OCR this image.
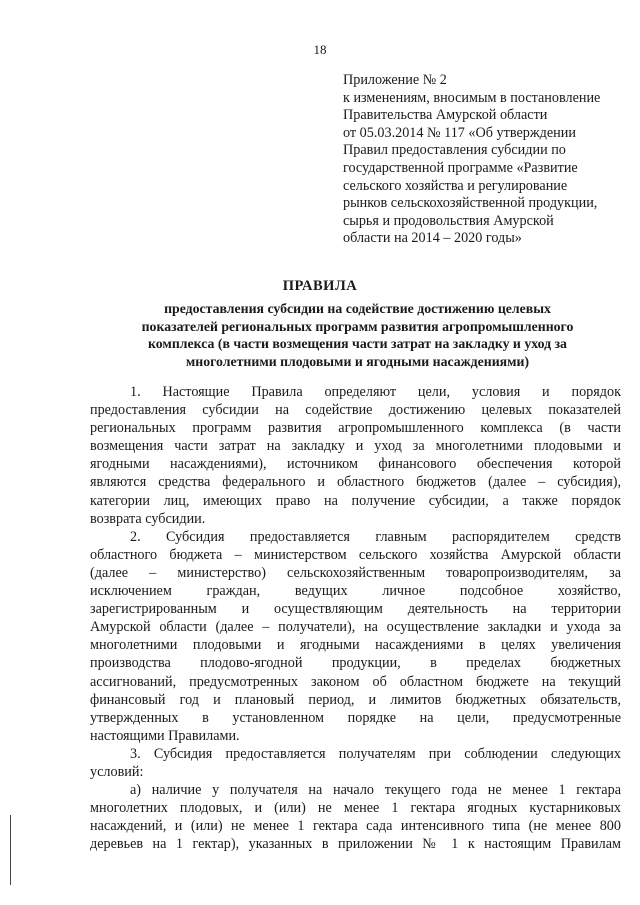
18
Приложение № 2
к изменениям, вносимым в постановление
Правительства Амурской области
от 05.03.2014 № 117 «Об утверждении
Правил предоставления субсидии по
государственной программе «Развитие
сельского хозяйства и регулирование
рынков сельскохозяйственной продукции,
сырья и продовольствия Амурской
области на 2014 – 2020 годы»
ПРАВИЛА
предоставления субсидии на содействие достижению целевых
показателей региональных программ развития агропромышленного
комплекса (в части возмещения части затрат на закладку и уход за
многолетними плодовыми и ягодными насаждениями)
1. Настоящие Правила определяют цели, условия и порядок
предоставления субсидии на содействие достижению целевых показателей
региональных программ развития агропромышленного комплекса (в части
возмещения части затрат на закладку и уход за многолетними плодовыми и
ягодными насаждениями), источником финансового обеспечения которой
являются средства федерального и областного бюджетов (далее – субсидия),
категории лиц, имеющих право на получение субсидии, а также порядок
возврата субсидии.
2. Субсидия предоставляется главным распорядителем средств
областного бюджета – министерством сельского хозяйства Амурской области
(далее – министерство) сельскохозяйственным товаропроизводителям, за
исключением граждан, ведущих личное подсобное хозяйство,
зарегистрированным и осуществляющим деятельность на территории
Амурской области (далее – получатели), на осуществление закладки и ухода за
многолетними плодовыми и ягодными насаждениями в целях увеличения
производства плодово-ягодной продукции, в пределах бюджетных
ассигнований, предусмотренных законом об областном бюджете на текущий
финансовый год и плановый период, и лимитов бюджетных обязательств,
утвержденных в установленном порядке на цели, предусмотренные
настоящими Правилами.
3. Субсидия предоставляется получателям при соблюдении следующих
условий:
а) наличие у получателя на начало текущего года не менее 1 гектара
многолетних плодовых, и (или) не менее 1 гектара ягодных кустарниковых
насаждений, и (или) не менее 1 гектара сада интенсивного типа (не менее 800
деревьев на 1 гектар), указанных в приложении № 1 к настоящим Правилам
